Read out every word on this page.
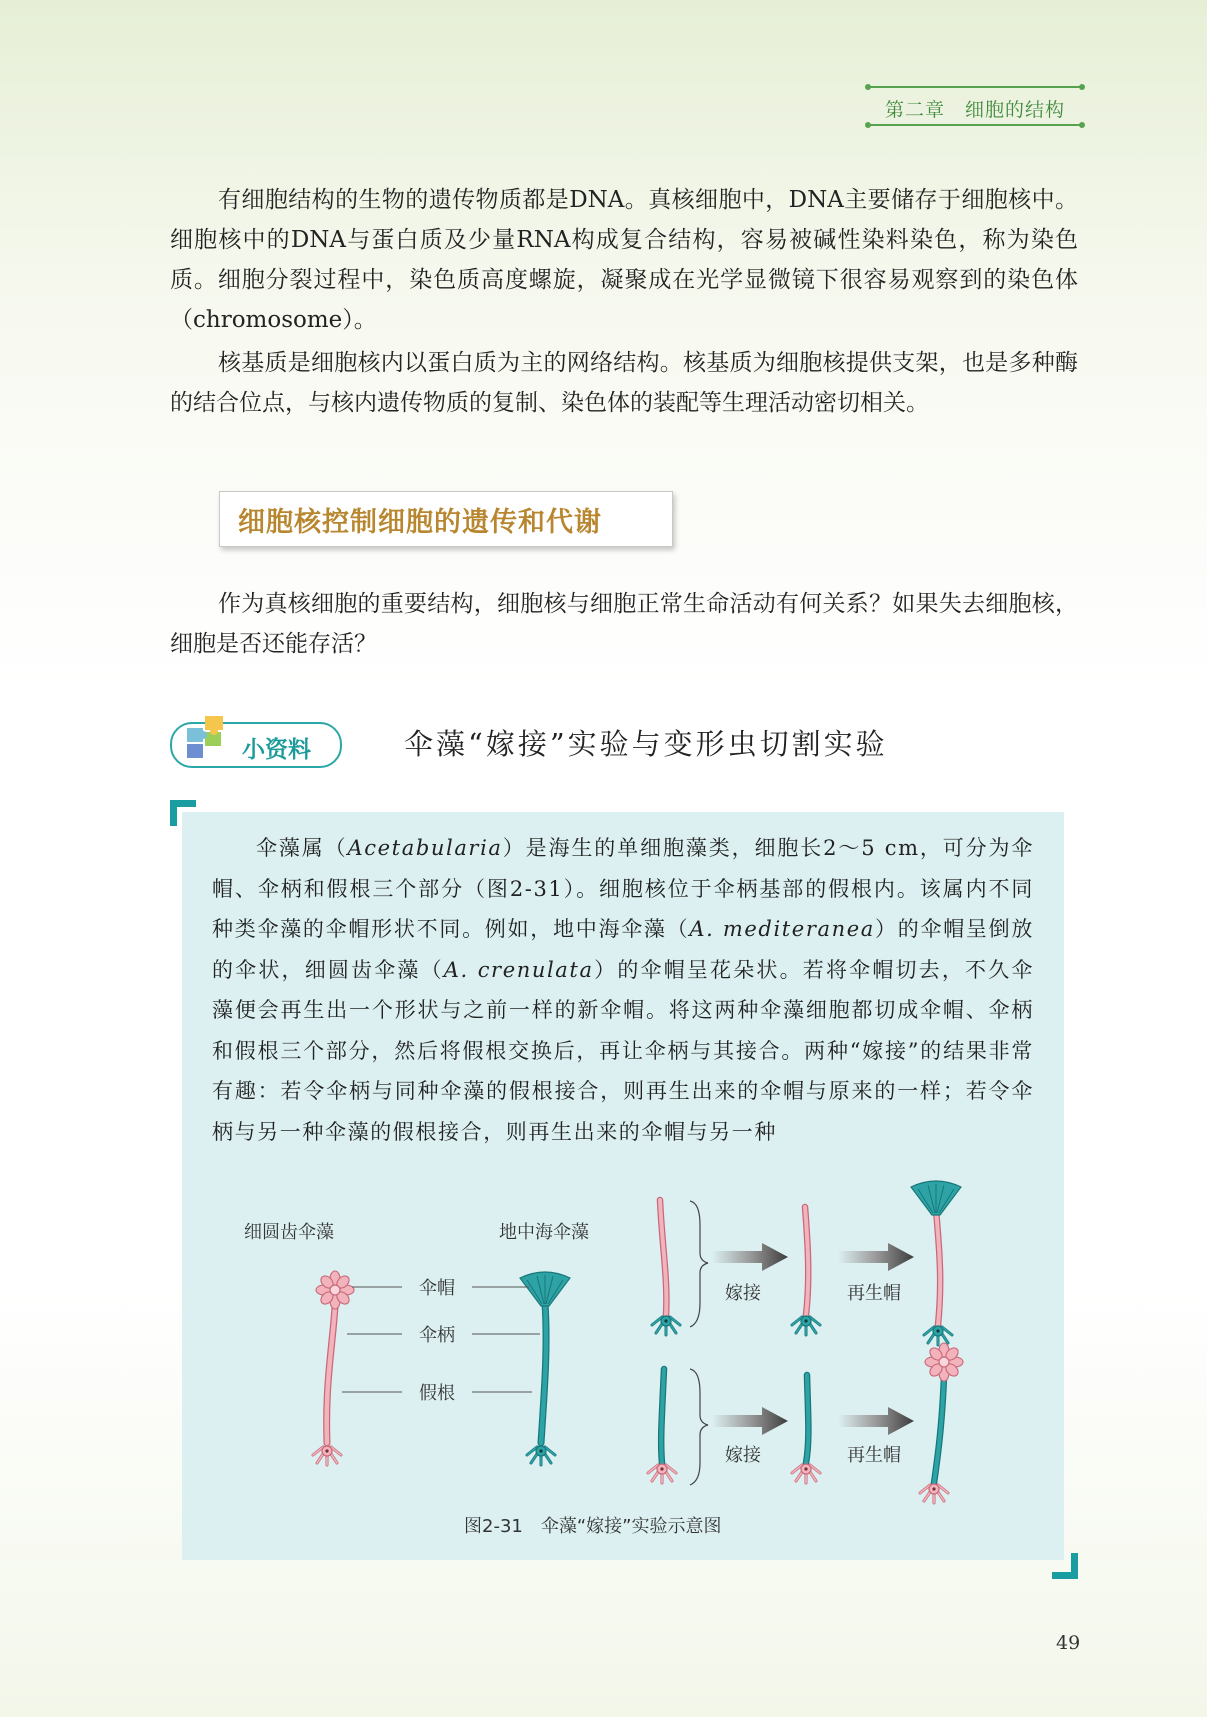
第二章　细胞的结构

有细胞结构的生物的遗传物质都是DNA。真核细胞中，DNA主要储存于细胞核中。细胞核中的DNA与蛋白质及少量RNA构成复合结构，容易被碱性染料染色，称为染色质。细胞分裂过程中，染色质高度螺旋，凝聚成在光学显微镜下很容易观察到的染色体（chromosome）。

核基质是细胞核内以蛋白质为主的网络结构。核基质为细胞核提供支架，也是多种酶的结合位点，与核内遗传物质的复制、染色体的装配等生理活动密切相关。

细胞核控制细胞的遗传和代谢

作为真核细胞的重要结构，细胞核与细胞正常生命活动有何关系？如果失去细胞核，细胞是否还能存活？

小资料	伞藻“嫁接”实验与变形虫切割实验

伞藻属（Acetabularia）是海生的单细胞藻类，细胞长2～5 cm，可分为伞帽、伞柄和假根三个部分（图2-31）。细胞核位于伞柄基部的假根内。该属内不同种类伞藻的伞帽形状不同。例如，地中海伞藻（A. mediteranea）的伞帽呈倒放的伞状，细圆齿伞藻（A. crenulata）的伞帽呈花朵状。若将伞帽切去，不久伞藻便会再生出一个形状与之前一样的新伞帽。将这两种伞藻细胞都切成伞帽、伞柄和假根三个部分，然后将假根交换后，再让伞柄与其接合。两种“嫁接”的结果非常有趣：若令伞柄与同种伞藻的假根接合，则再生出来的伞帽与原来的一样；若令伞柄与另一种伞藻的假根接合，则再生出来的伞帽与另一种

细圆齿伞藻	地中海伞藻
伞帽
伞柄
假根
嫁接	再生帽
嫁接	再生帽
图2-31　伞藻“嫁接”实验示意图
49
